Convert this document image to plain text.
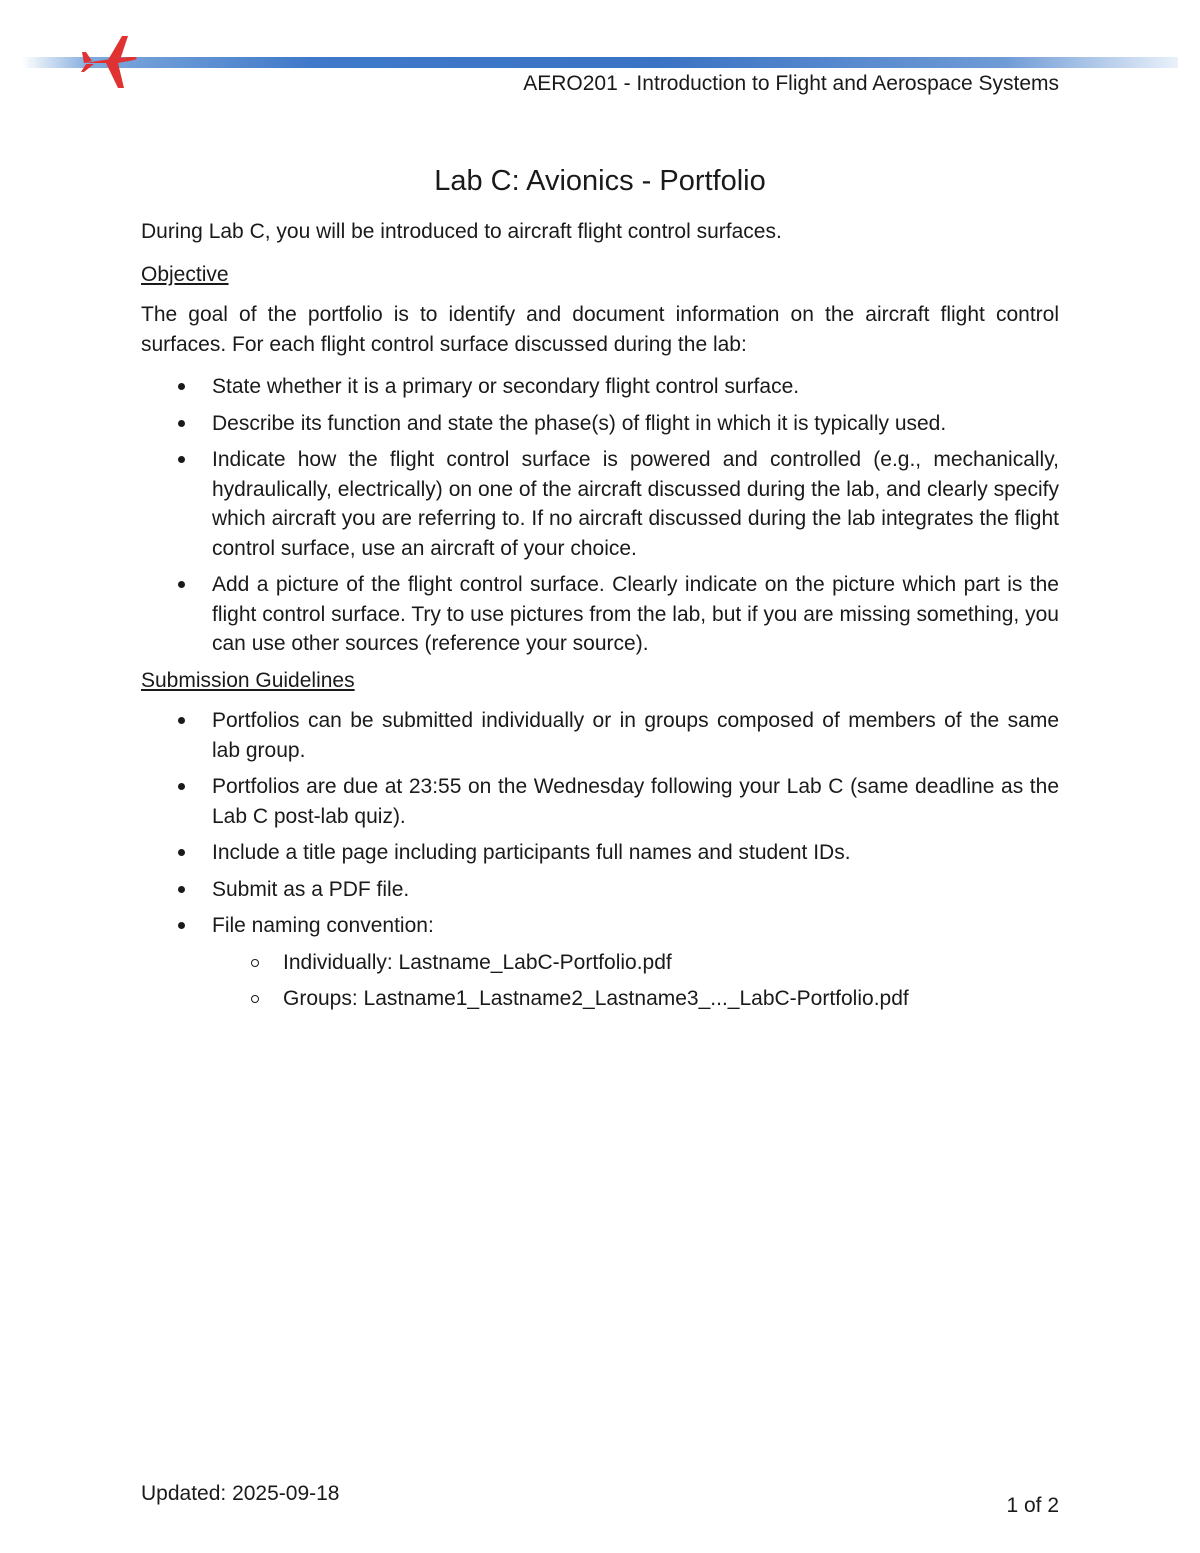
AERO201 - Introduction to Flight and Aerospace Systems
Lab C: Avionics - Portfolio

During Lab C, you will be introduced to aircraft flight control surfaces.

Objective

The goal of the portfolio is to identify and document information on the aircraft flight control surfaces. For each flight control surface discussed during the lab:

State whether it is a primary or secondary flight control surface.
Describe its function and state the phase(s) of flight in which it is typically used.
Indicate how the flight control surface is powered and controlled (e.g., mechanically, hydraulically, electrically) on one of the aircraft discussed during the lab, and clearly specify which aircraft you are referring to. If no aircraft discussed during the lab integrates the flight control surface, use an aircraft of your choice.
Add a picture of the flight control surface. Clearly indicate on the picture which part is the flight control surface. Try to use pictures from the lab, but if you are missing something, you can use other sources (reference your source).

Submission Guidelines

Portfolios can be submitted individually or in groups composed of members of the same lab group.
Portfolios are due at 23:55 on the Wednesday following your Lab C (same deadline as the Lab C post-lab quiz).
Include a title page including participants full names and student IDs.
Submit as a PDF file.
File naming convention:
Individually: Lastname_LabC-Portfolio.pdf
Groups: Lastname1_Lastname2_Lastname3_..._LabC-Portfolio.pdf
Updated: 2025-09-18
1 of 2
